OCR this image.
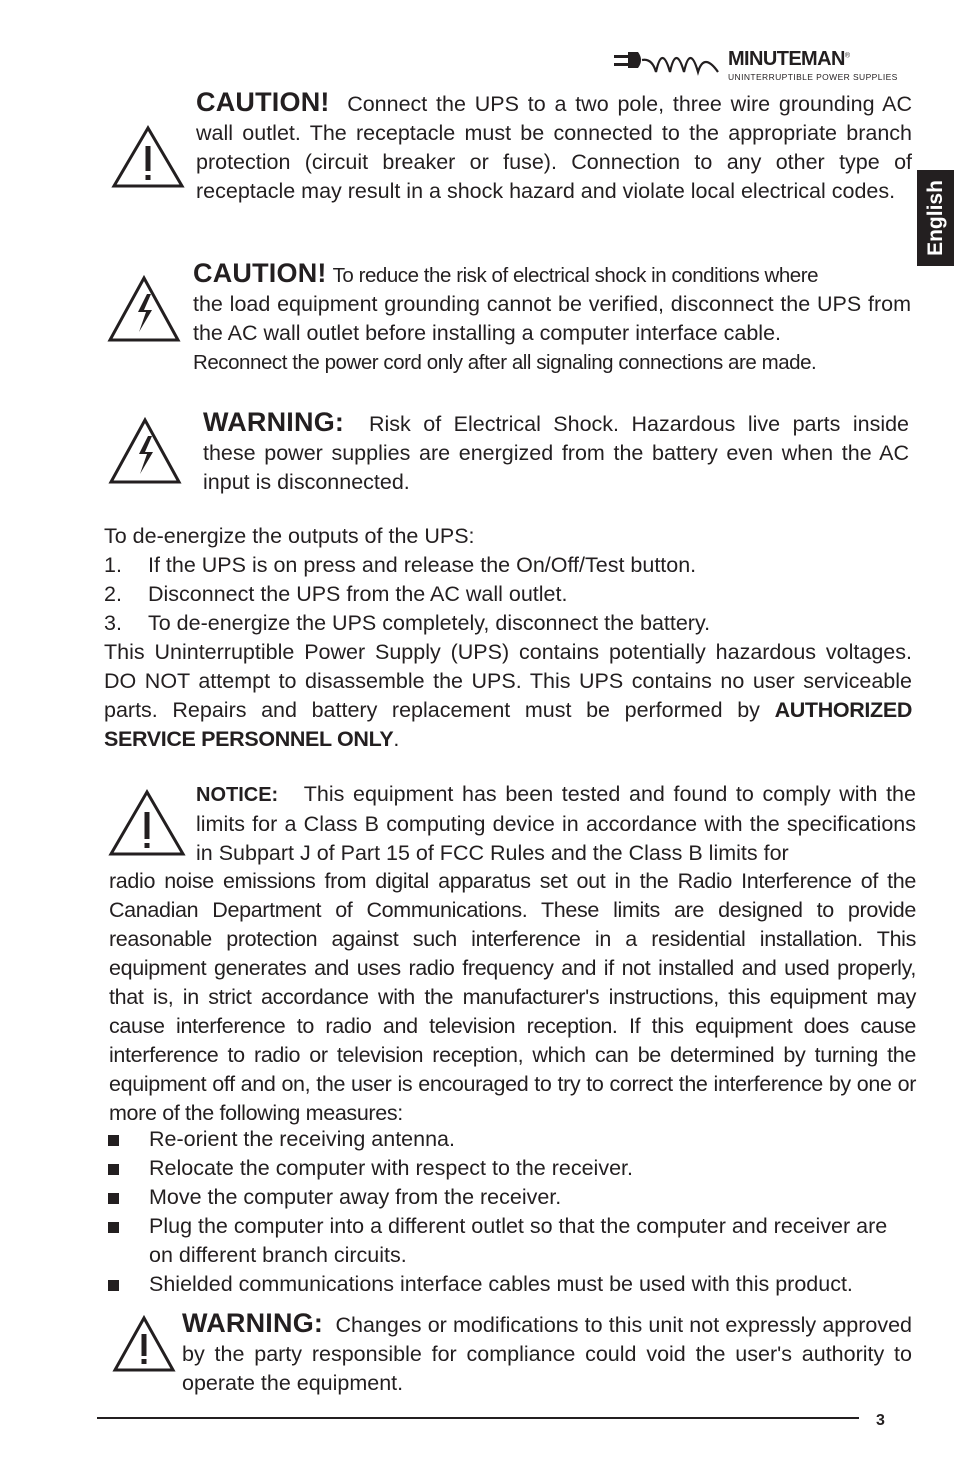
MINUTEMAN®
UNINTERRUPTIBLE POWER SUPPLIES
English
CAUTION! Connect the UPS to a two pole, three wire grounding AC wall outlet. The receptacle must be connected to the appropriate branch protection (circuit breaker or fuse). Connection to any other type of receptacle may result in a shock hazard and violate local electrical codes.
CAUTION! To reduce the risk of electrical shock in conditions where
the load equipment grounding cannot be verified, disconnect the UPS from the AC wall outlet before installing a computer interface cable.
Reconnect the power cord only after all signaling connections are made.
WARNING: Risk of Electrical Shock. Hazardous live parts inside these power supplies are energized from the battery even when the AC input is disconnected.
To de-energize the outputs of the UPS:
1. If the UPS is on press and release the On/Off/Test button.
2. Disconnect the UPS from the AC wall outlet.
3. To de-energize the UPS completely, disconnect the battery.
This Uninterruptible Power Supply (UPS) contains potentially hazardous voltages. DO NOT attempt to disassemble the UPS. This UPS contains no user serviceable parts. Repairs and battery replacement must be performed by AUTHORIZED SERVICE PERSONNEL ONLY.
NOTICE: This equipment has been tested and found to comply with the limits for a Class B computing device in accordance with the specifications in Subpart J of Part 15 of FCC Rules and the Class B limits for
radio noise emissions from digital apparatus set out in the Radio Interference of the Canadian Department of Communications. These limits are designed to provide reasonable protection against such interference in a residential installation. This equipment generates and uses radio frequency and if not installed and used properly, that is, in strict accordance with the manufacturer's instructions, this equipment may cause interference to radio and television reception. If this equipment does cause interference to radio or television reception, which can be determined by turning the equipment off and on, the user is encouraged to try to correct the interference by one or more of the following measures:
Re-orient the receiving antenna.
Relocate the computer with respect to the receiver.
Move the computer away from the receiver.
Plug the computer into a different outlet so that the computer and receiver are on different branch circuits.
Shielded communications interface cables must be used with this product.
WARNING: Changes or modifications to this unit not expressly approved by the party responsible for compliance could void the user's authority to operate the equipment.
3
